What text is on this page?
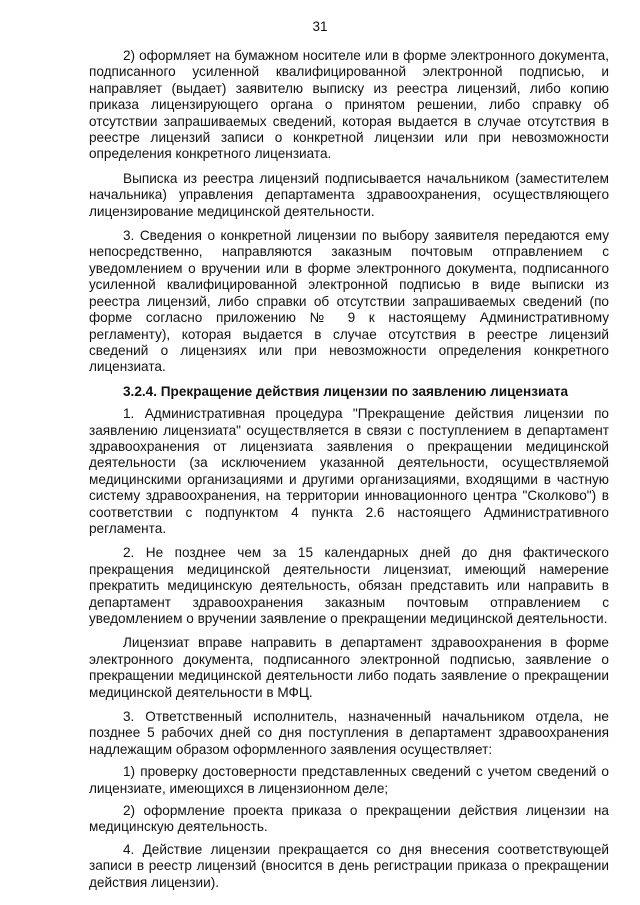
31

2) оформляет на бумажном носителе или в форме электронного документа, подписанного усиленной квалифицированной электронной подписью, и направляет (выдает) заявителю выписку из реестра лицензий, либо копию приказа лицензирующего органа о принятом решении, либо справку об отсутствии запрашиваемых сведений, которая выдается в случае отсутствия в реестре лицензий записи о конкретной лицензии или при невозможности определения конкретного лицензиата.

Выписка из реестра лицензий подписывается начальником (заместителем начальника) управления департамента здравоохранения, осуществляющего лицензирование медицинской деятельности.

3. Сведения о конкретной лицензии по выбору заявителя передаются ему непосредственно, направляются заказным почтовым отправлением с уведомлением о вручении или в форме электронного документа, подписанного усиленной квалифицированной электронной подписью в виде выписки из реестра лицензий, либо справки об отсутствии запрашиваемых сведений (по форме согласно приложению № 9 к настоящему Административному регламенту), которая выдается в случае отсутствия в реестре лицензий сведений о лицензиях или при невозможности определения конкретного лицензиата.

3.2.4. Прекращение действия лицензии по заявлению лицензиата

1. Административная процедура "Прекращение действия лицензии по заявлению лицензиата" осуществляется в связи с поступлением в департамент здравоохранения от лицензиата заявления о прекращении медицинской деятельности (за исключением указанной деятельности, осуществляемой медицинскими организациями и другими организациями, входящими в частную систему здравоохранения, на территории инновационного центра "Сколково") в соответствии с подпунктом 4 пункта 2.6 настоящего Административного регламента.

2. Не позднее чем за 15 календарных дней до дня фактического прекращения медицинской деятельности лицензиат, имеющий намерение прекратить медицинскую деятельность, обязан представить или направить в департамент здравоохранения заказным почтовым отправлением с уведомлением о вручении заявление о прекращении медицинской деятельности.

Лицензиат вправе направить в департамент здравоохранения в форме электронного документа, подписанного электронной подписью, заявление о прекращении медицинской деятельности либо подать заявление о прекращении медицинской деятельности в МФЦ.

3. Ответственный исполнитель, назначенный начальником отдела, не позднее 5 рабочих дней со дня поступления в департамент здравоохранения надлежащим образом оформленного заявления осуществляет:

1) проверку достоверности представленных сведений с учетом сведений о лицензиате, имеющихся в лицензионном деле;

2) оформление проекта приказа о прекращении действия лицензии на медицинскую деятельность.

4. Действие лицензии прекращается со дня внесения соответствующей записи в реестр лицензий (вносится в день регистрации приказа о прекращении действия лицензии).
